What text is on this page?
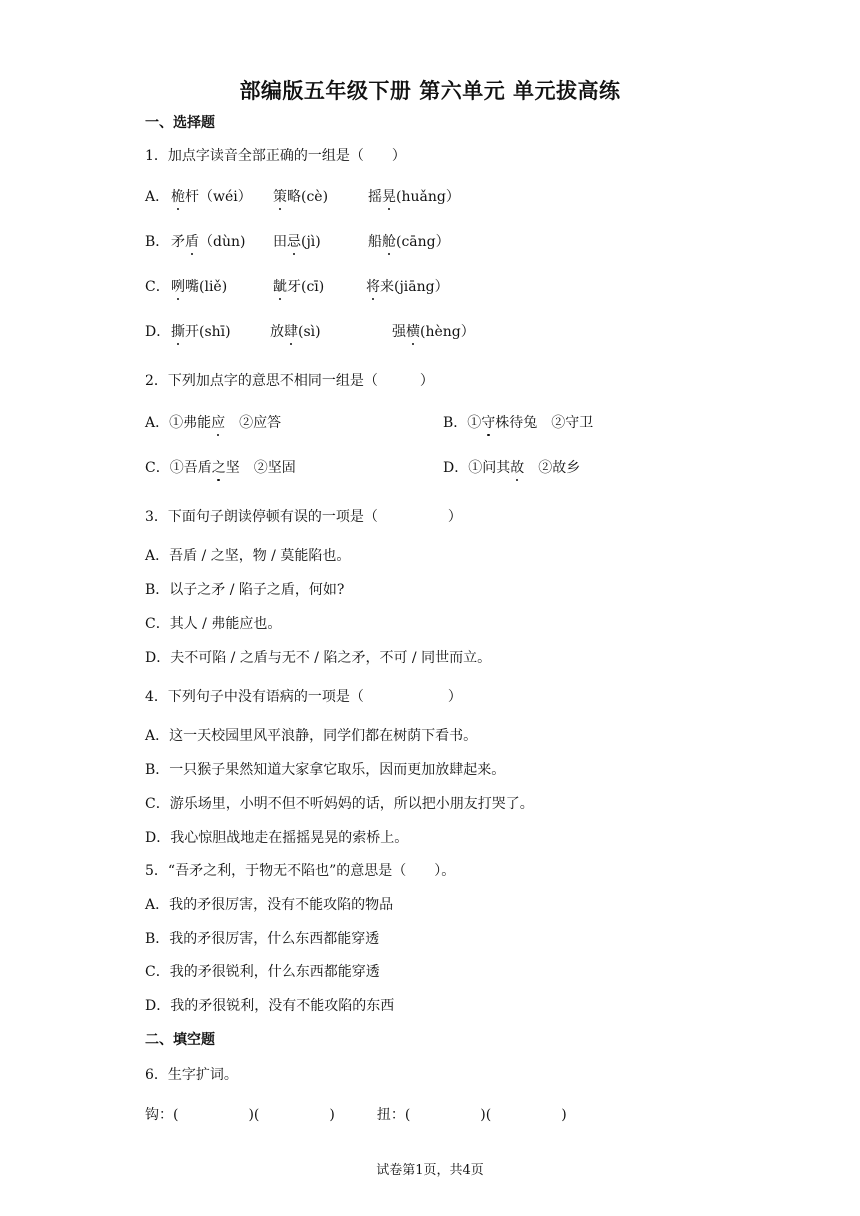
部编版五年级下册 第六单元 单元拔高练
一、选择题
1．加点字读音全部正确的一组是（　　）
A． 桅杆（wéi） 策略(cè)	摇晃(huǎng）
B． 矛盾（dùn) 田忌(jì)	船舱(cāng）
C． 咧嘴(liě)	龇牙(cī)	将来(jiāng）
D． 撕开(shī)	放肆(sì)	强横(hèng）
2．下列加点字的意思不相同一组是（　　　）
A．①弗能应　②应答	B．①守株待兔　②守卫
C．①吾盾之坚　②坚固	D．①问其故　②故乡
3．下面句子朗读停顿有误的一项是（　　　　　）
A．吾盾 / 之坚，物 / 莫能陷也。
B．以子之矛 / 陷子之盾，何如?
C．其人 / 弗能应也。
D．夫不可陷 / 之盾与无不 / 陷之矛，不可 / 同世而立。
4．下列句子中没有语病的一项是（　　　　　　）
A．这一天校园里风平浪静，同学们都在树荫下看书。
B．一只猴子果然知道大家拿它取乐，因而更加放肆起来。
C．游乐场里，小明不但不听妈妈的话，所以把小朋友打哭了。
D．我心惊胆战地走在摇摇晃晃的索桥上。
5．“吾矛之利，于物无不陷也”的意思是（　　）。
A．我的矛很厉害，没有不能攻陷的物品
B．我的矛很厉害，什么东西都能穿透
C．我的矛很锐利，什么东西都能穿透
D．我的矛很锐利，没有不能攻陷的东西
二、填空题
6．生字扩词。
钩：(　　　　　)(　　　　　)　　　扭：(　　　　　)(　　　　　)
试卷第1页，共4页
